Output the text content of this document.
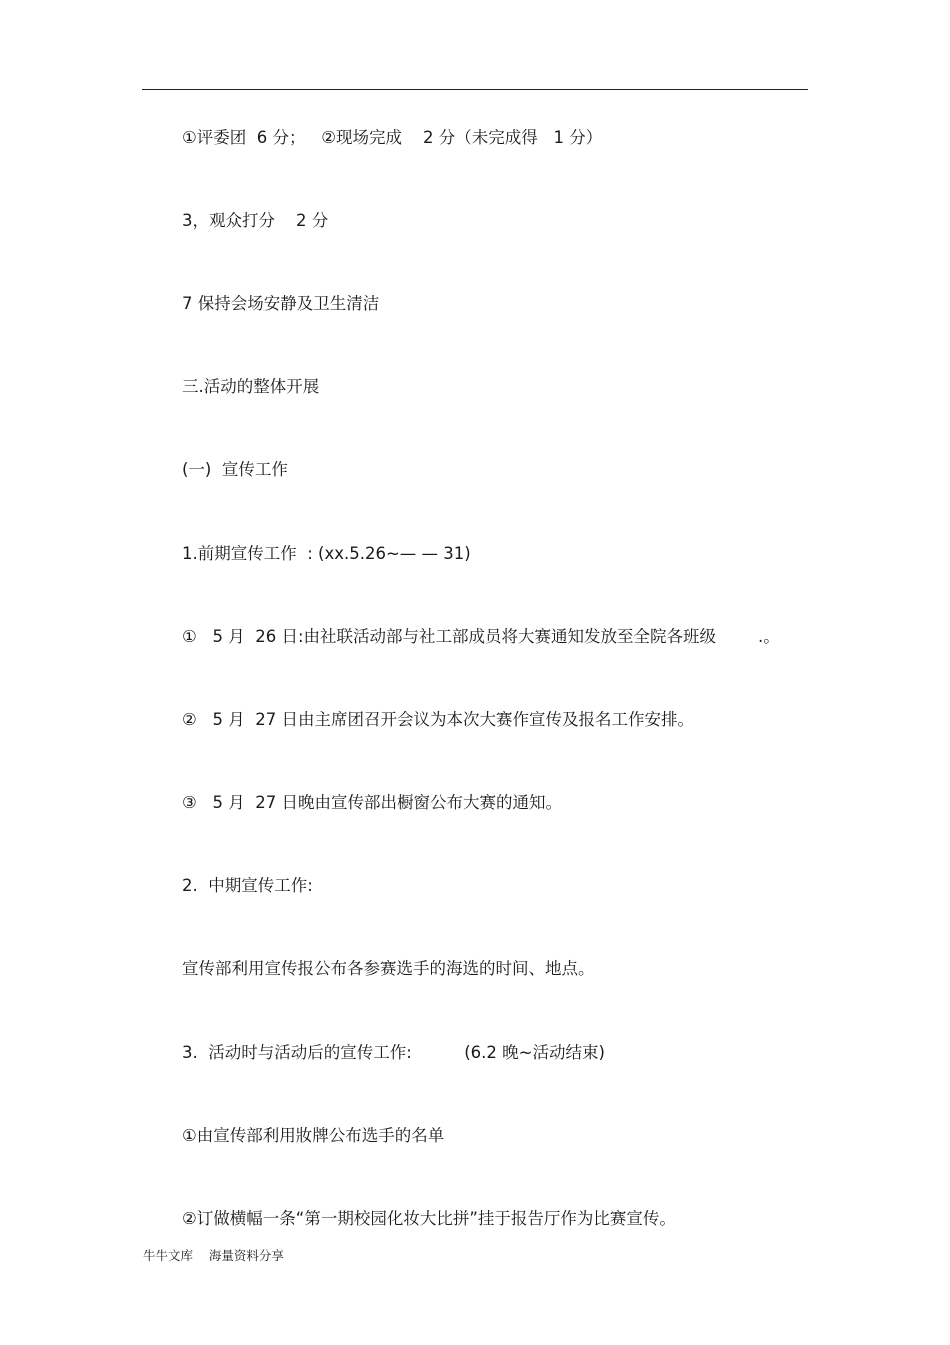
①评委团  6 分；   ②现场完成    2 分（未完成得   1 分）
3，观众打分    2 分
7 保持会场安静及卫生清洁
三.活动的整体开展
(一)  宣传工作
1.前期宣传工作  : (xx.5.26~— — 31)
①   5 月  26 日:由社联活动部与社工部成员将大赛通知发放至全院各班级        .。
②   5 月  27 日由主席团召开会议为本次大赛作宣传及报名工作安排。
③   5 月  27 日晚由宣传部出橱窗公布大赛的通知。
2.  中期宣传工作:
宣传部利用宣传报公布各参赛选手的海选的时间、地点。
3.  活动时与活动后的宣传工作:          (6.2 晚~活动结束)
①由宣传部利用妝牌公布选手的名单
②订做横幅一条“第一期校园化妆大比拼”挂于报告厅作为比赛宣传。
牛牛文库    海量资料分享
